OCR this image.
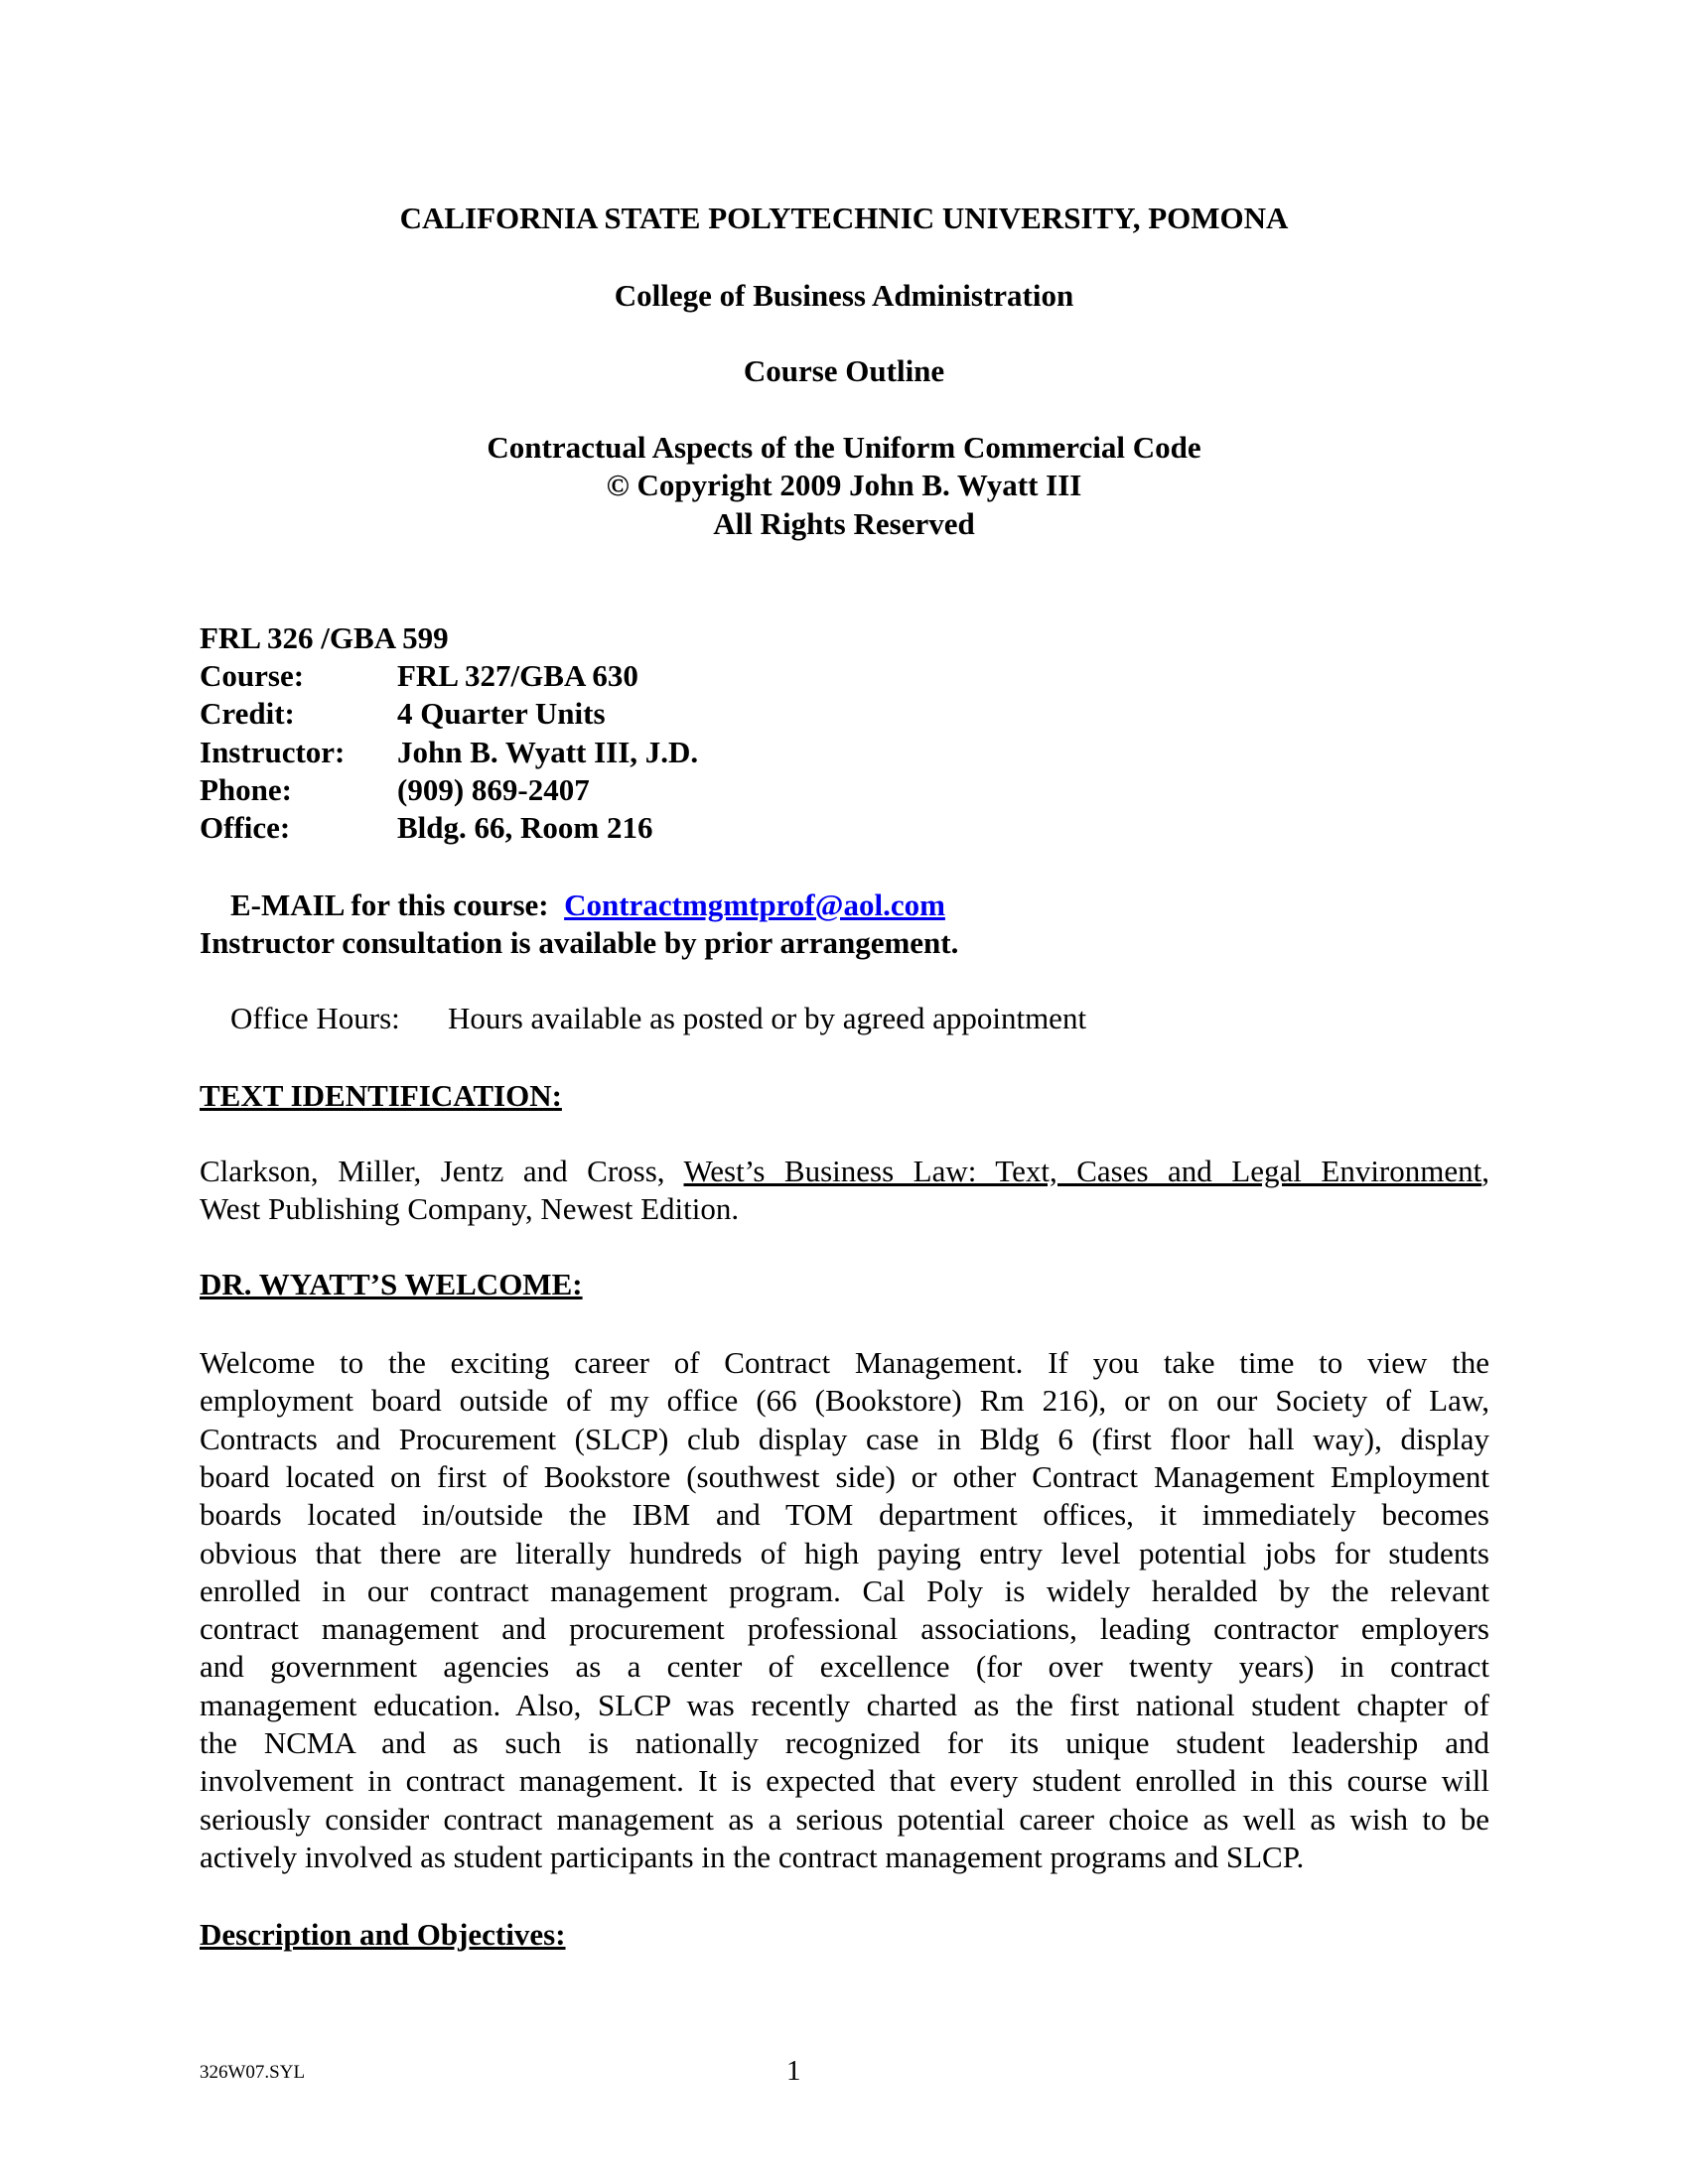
CALIFORNIA STATE POLYTECHNIC UNIVERSITY, POMONA
College of Business Administration
Course Outline
Contractual Aspects of the Uniform Commercial Code
© Copyright 2009 John B. Wyatt III
All Rights Reserved
FRL 326 /GBA 599
Course:	FRL 327/GBA 630
Credit:	4 Quarter Units
Instructor: John B. Wyatt III, J.D.
Phone:	(909) 869-2407
Office:	Bldg. 66, Room 216

E-MAIL for this course: Contractmgmtprof@aol.com

Instructor consultation is available by prior arrangement.

Office Hours: Hours available as posted or by agreed appointment

TEXT IDENTIFICATION:
Clarkson, Miller, Jentz and Cross, West’s Business Law: Text, Cases and Legal Environment,
West Publishing Company, Newest Edition.
DR. WYATT’S WELCOME:
Welcome to the exciting career of Contract Management. If you take time to view the
employment board outside of my office (66 (Bookstore) Rm 216), or on our Society of Law,
Contracts and Procurement (SLCP) club display case in Bldg 6 (first floor hall way), display
board located on first of Bookstore (southwest side) or other Contract Management Employment
boards located in/outside the IBM and TOM department offices, it immediately becomes
obvious that there are literally hundreds of high paying entry level potential jobs for students
enrolled in our contract management program. Cal Poly is widely heralded by the relevant
contract management and procurement professional associations, leading contractor employers
and government agencies as a center of excellence (for over twenty years) in contract
management education. Also, SLCP was recently charted as the first national student chapter of
the NCMA and as such is nationally recognized for its unique student leadership and
involvement in contract management. It is expected that every student enrolled in this course will
seriously consider contract management as a serious potential career choice as well as wish to be
actively involved as student participants in the contract management programs and SLCP.
Description and Objectives:
326W07.SYL	1
